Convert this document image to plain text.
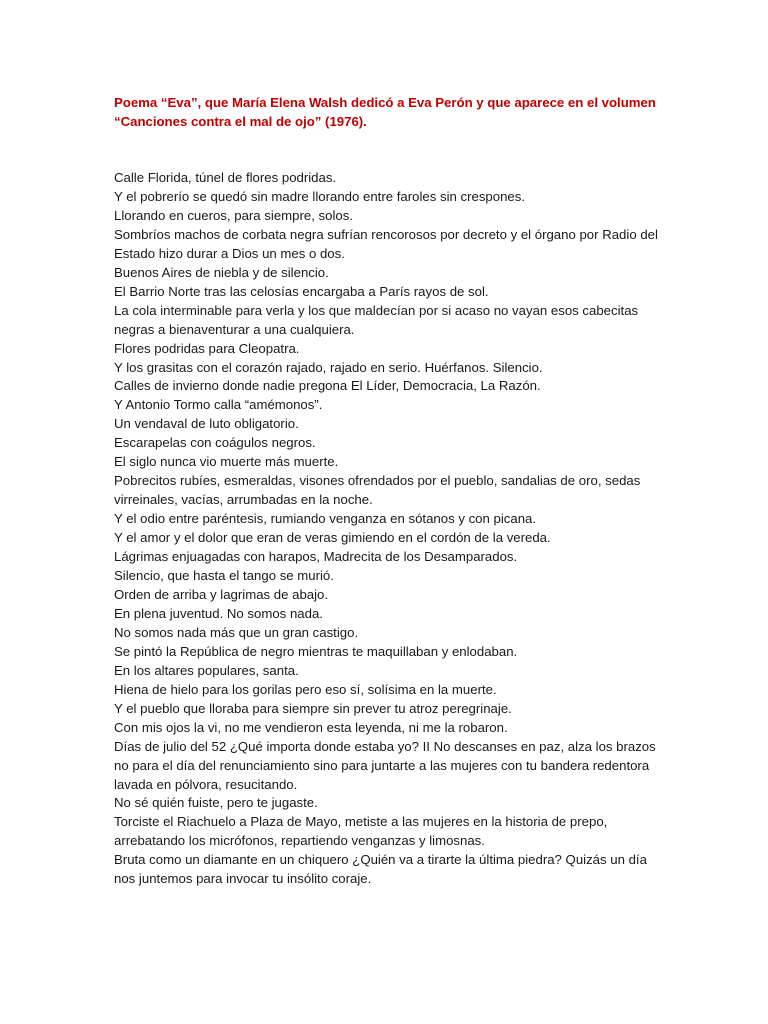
Poema “Eva”, que María Elena Walsh dedicó a Eva Perón y que aparece en el volumen “Canciones contra el mal de ojo” (1976).

Calle Florida, túnel de flores podridas.
Y el pobrerío se quedó sin madre llorando entre faroles sin crespones.
Llorando en cueros, para siempre, solos.
Sombríos machos de corbata negra sufrían rencorosos por decreto y el órgano por Radio del Estado hizo durar a Dios un mes o dos.
Buenos Aires de niebla y de silencio.
El Barrio Norte tras las celosías encargaba a París rayos de sol.
La cola interminable para verla y los que maldecían por si acaso no vayan esos cabecitas negras a bienaventurar a una cualquiera.
Flores podridas para Cleopatra.
Y los grasitas con el corazón rajado, rajado en serio. Huérfanos. Silencio.
Calles de invierno donde nadie pregona El Líder, Democracia, La Razón.
Y Antonio Tormo calla “amémonos”.
Un vendaval de luto obligatorio.
Escarapelas con coágulos negros.
El siglo nunca vio muerte más muerte.
Pobrecitos rubíes, esmeraldas, visones ofrendados por el pueblo, sandalias de oro, sedas virreinales, vacías, arrumbadas en la noche.
Y el odio entre paréntesis, rumiando venganza en sótanos y con picana.
Y el amor y el dolor que eran de veras gimiendo en el cordón de la vereda.
Lágrimas enjuagadas con harapos, Madrecita de los Desamparados.
Silencio, que hasta el tango se murió.
Orden de arriba y lagrimas de abajo.
En plena juventud. No somos nada.
No somos nada más que un gran castigo.
Se pintó la República de negro mientras te maquillaban y enlodaban.
En los altares populares, santa.
Hiena de hielo para los gorilas pero eso sí, solísima en la muerte.
Y el pueblo que lloraba para siempre sin prever tu atroz peregrinaje.
Con mis ojos la vi, no me vendieron esta leyenda, ni me la robaron.
Días de julio del 52 ¿Qué importa donde estaba yo? II No descanses en paz, alza los brazos no para el día del renunciamiento sino para juntarte a las mujeres con tu bandera redentora lavada en pólvora, resucitando.
No sé quién fuiste, pero te jugaste.
Torciste el Riachuelo a Plaza de Mayo, metiste a las mujeres en la historia de prepo, arrebatando los micrófonos, repartiendo venganzas y limosnas.
Bruta como un diamante en un chiquero ¿Quién va a tirarte la última piedra? Quizás un día nos juntemos para invocar tu insólito coraje.
